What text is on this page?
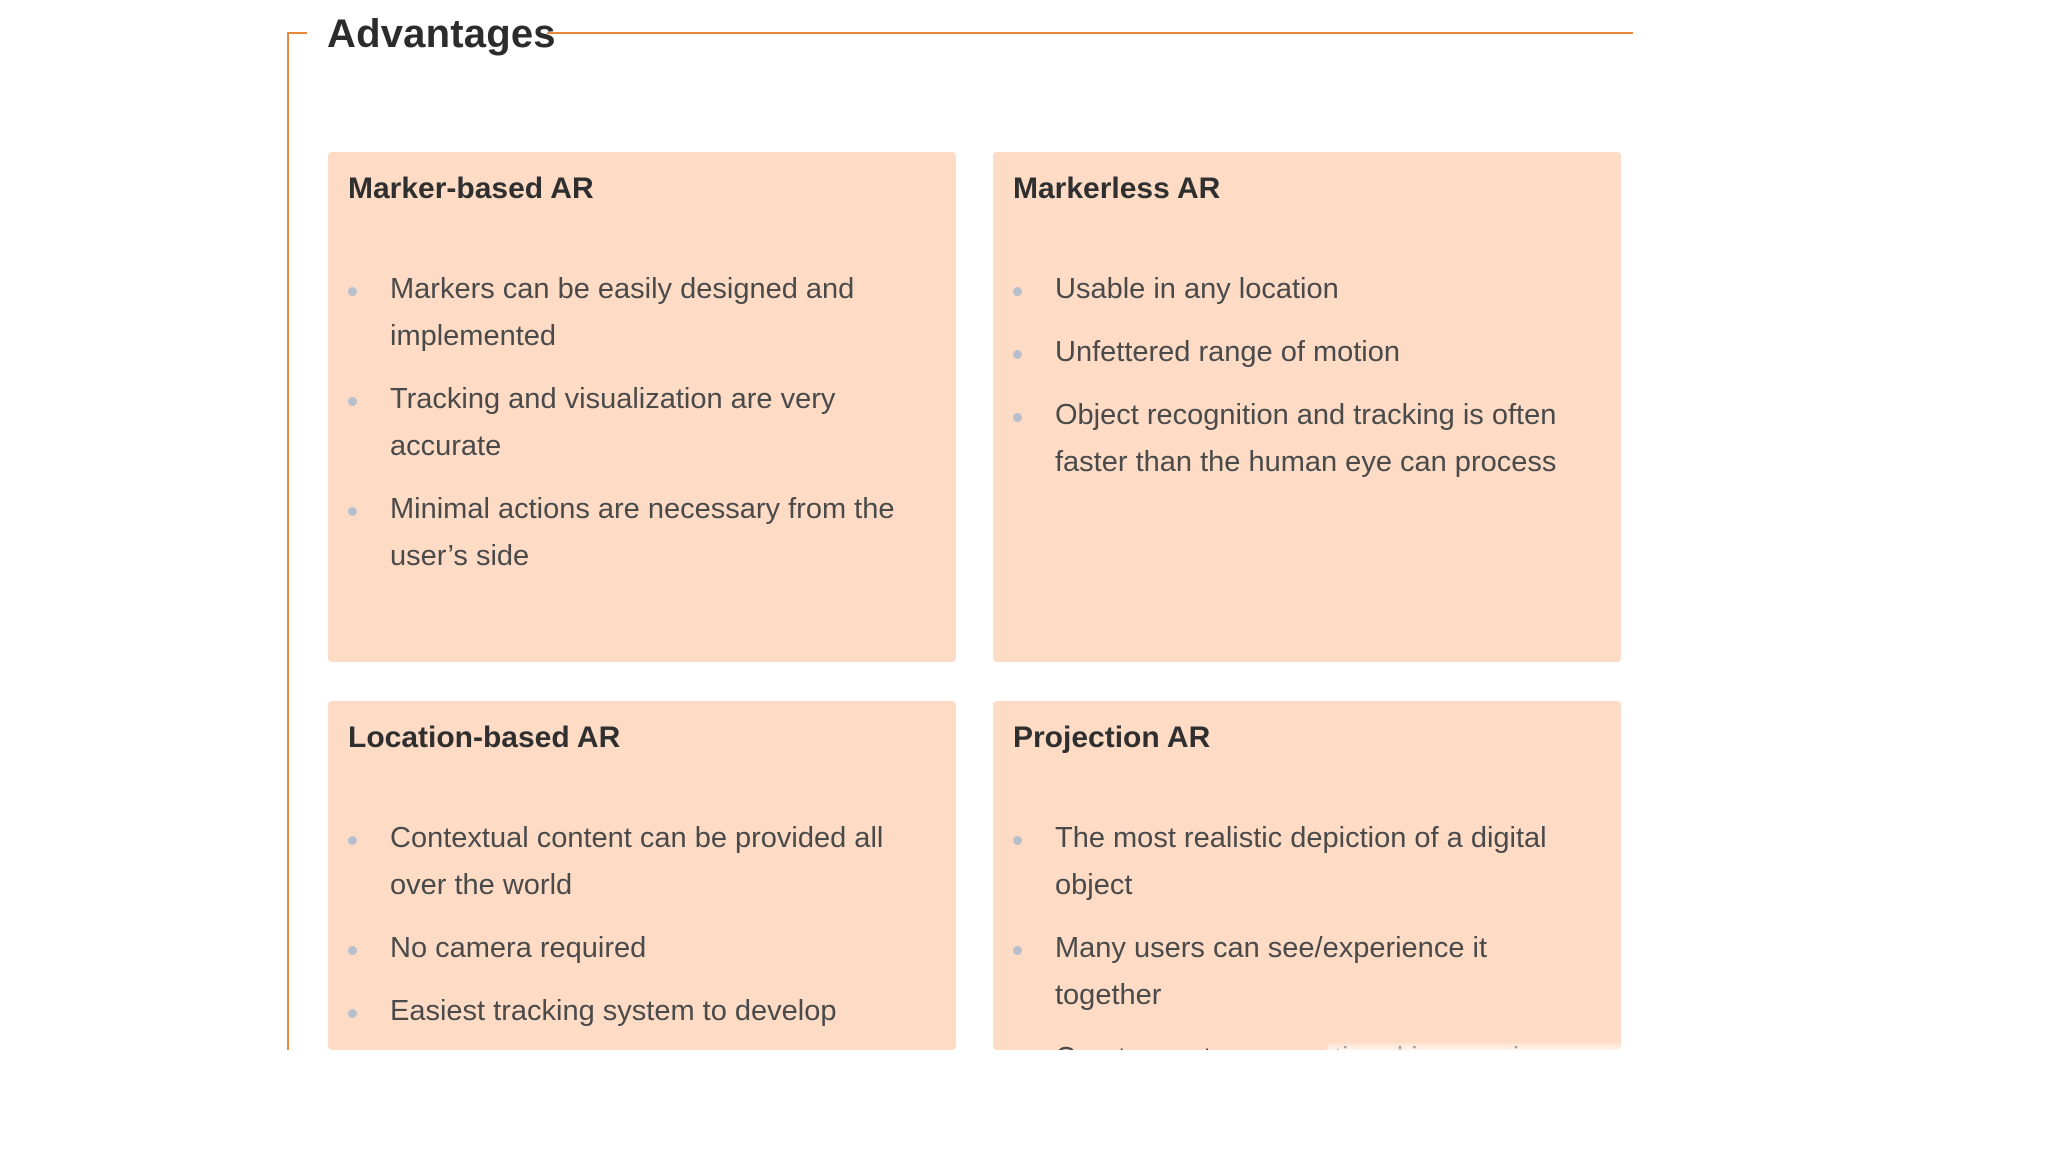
Advantages
Marker-based AR
Markers can be easily designed and implemented
Tracking and visualization are very accurate
Minimal actions are necessary from the user’s side
Markerless AR
Usable in any location
Unfettered range of motion
Object recognition and tracking is often faster than the human eye can process
Location-based AR
Contextual content can be provided all over the world
No camera required
Easiest tracking system to develop
Projection AR
The most realistic depiction of a digital object
Many users can see/experience it together
